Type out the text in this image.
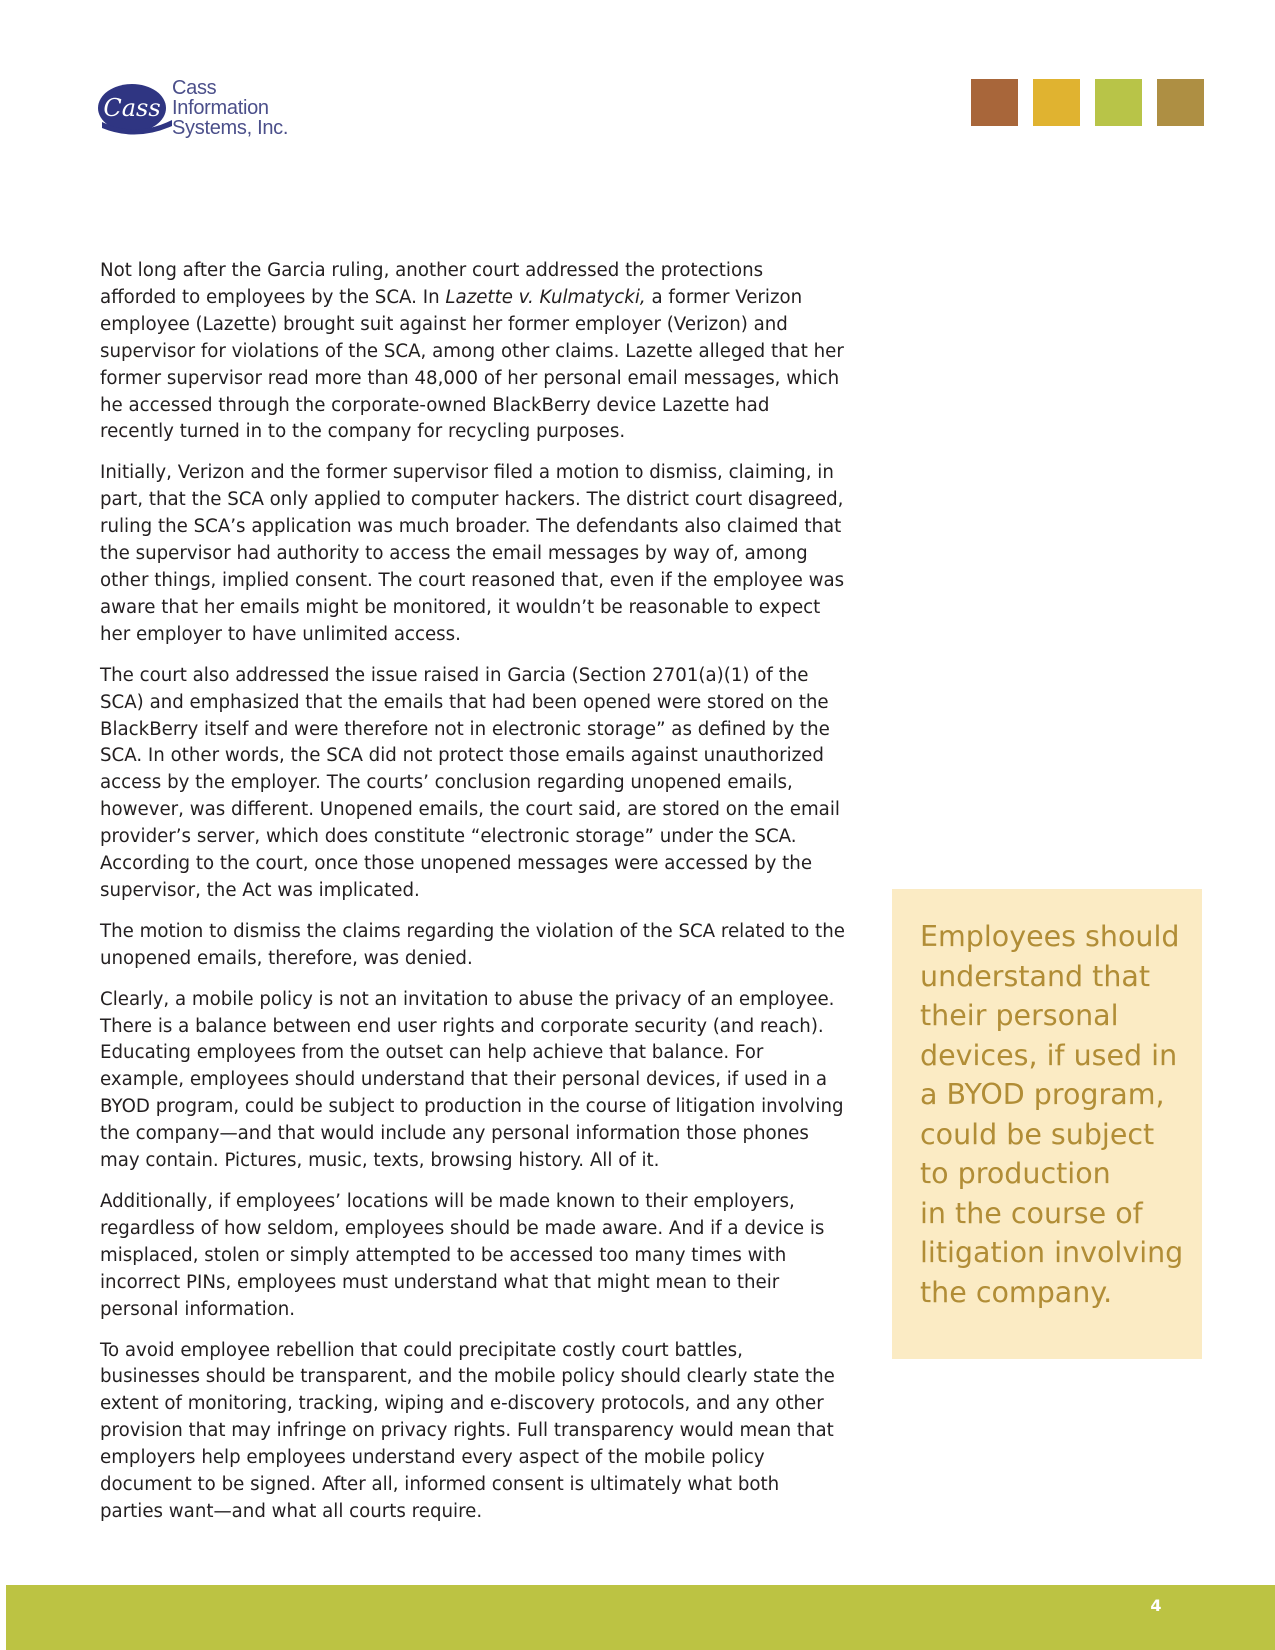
Cass
Cass
Information
Systems, Inc.

Not long after the Garcia ruling, another court addressed the protections afforded to employees by the SCA. In Lazette v. Kulmatycki, a former Verizon employee (Lazette) brought suit against her former employer (Verizon) and supervisor for violations of the SCA, among other claims. Lazette alleged that her former supervisor read more than 48,000 of her personal email messages, which he accessed through the corporate-owned BlackBerry device Lazette had recently turned in to the company for recycling purposes.

Initially, Verizon and the former supervisor filed a motion to dismiss, claiming, in part, that the SCA only applied to computer hackers. The district court disagreed, ruling the SCA’s application was much broader. The defendants also claimed that the supervisor had authority to access the email messages by way of, among other things, implied consent. The court reasoned that, even if the employee was aware that her emails might be monitored, it wouldn’t be reasonable to expect her employer to have unlimited access.

The court also addressed the issue raised in Garcia (Section 2701(a)(1) of the SCA) and emphasized that the emails that had been opened were stored on the BlackBerry itself and were therefore not in electronic storage” as defined by the SCA. In other words, the SCA did not protect those emails against unauthorized access by the employer. The courts’ conclusion regarding unopened emails, however, was different. Unopened emails, the court said, are stored on the email provider’s server, which does constitute “electronic storage” under the SCA. According to the court, once those unopened messages were accessed by the supervisor, the Act was implicated.

The motion to dismiss the claims regarding the violation of the SCA related to the unopened emails, therefore, was denied.

Clearly, a mobile policy is not an invitation to abuse the privacy of an employee. There is a balance between end user rights and corporate security (and reach). Educating employees from the outset can help achieve that balance. For example, employees should understand that their personal devices, if used in a BYOD program, could be subject to production in the course of litigation involving the company—and that would include any personal information those phones may contain. Pictures, music, texts, browsing history. All of it.

Additionally, if employees’ locations will be made known to their employers, regardless of how seldom, employees should be made aware. And if a device is misplaced, stolen or simply attempted to be accessed too many times with incorrect PINs, employees must understand what that might mean to their personal information.

To avoid employee rebellion that could precipitate costly court battles, businesses should be transparent, and the mobile policy should clearly state the extent of monitoring, tracking, wiping and e-discovery protocols, and any other provision that may infringe on privacy rights. Full transparency would mean that employers help employees understand every aspect of the mobile policy document to be signed. After all, informed consent is ultimately what both parties want—and what all courts require.

Employees should
understand that
their personal
devices, if used in
a BYOD program,
could be subject
to production
in the course of
litigation involving
the company.
4
